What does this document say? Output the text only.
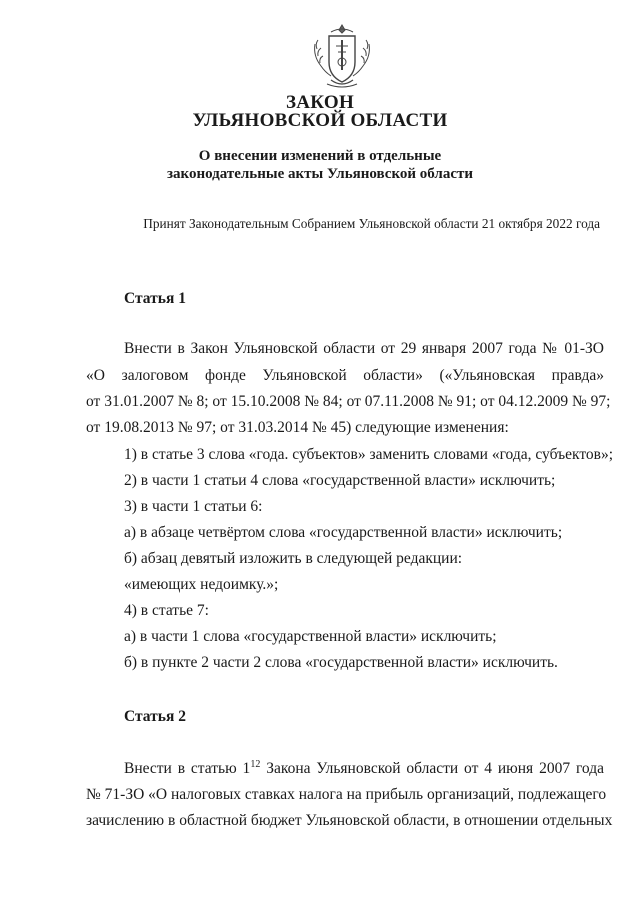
ЗАКОН
УЛЬЯНОВСКОЙ ОБЛАСТИ
О внесении изменений в отдельные
законодательные акты Ульяновской области
Принят Законодательным Собранием Ульяновской области 21 октября 2022 года
Статья 1
Внести в Закон Ульяновской области от 29 января 2007 года № 01-ЗО
«О залоговом фонде Ульяновской области» («Ульяновская правда»
от 31.01.2007 № 8; от 15.10.2008 № 84; от 07.11.2008 № 91; от 04.12.2009 № 97;
от 19.08.2013 № 97; от 31.03.2014 № 45) следующие изменения:
1) в статье 3 слова «года. субъектов» заменить словами «года, субъектов»;
2) в части 1 статьи 4 слова «государственной власти» исключить;
3) в части 1 статьи 6:
а) в абзаце четвёртом слова «государственной власти» исключить;
б) абзац девятый изложить в следующей редакции:
«имеющих недоимку.»;
4) в статье 7:
а) в части 1 слова «государственной власти» исключить;
б) в пункте 2 части 2 слова «государственной власти» исключить.
Статья 2
Внести в статью $1^{12}$ Закона Ульяновской области от 4 июня 2007 года
№ 71-ЗО «О налоговых ставках налога на прибыль организаций, подлежащего
зачислению в областной бюджет Ульяновской области, в отношении отдельных
